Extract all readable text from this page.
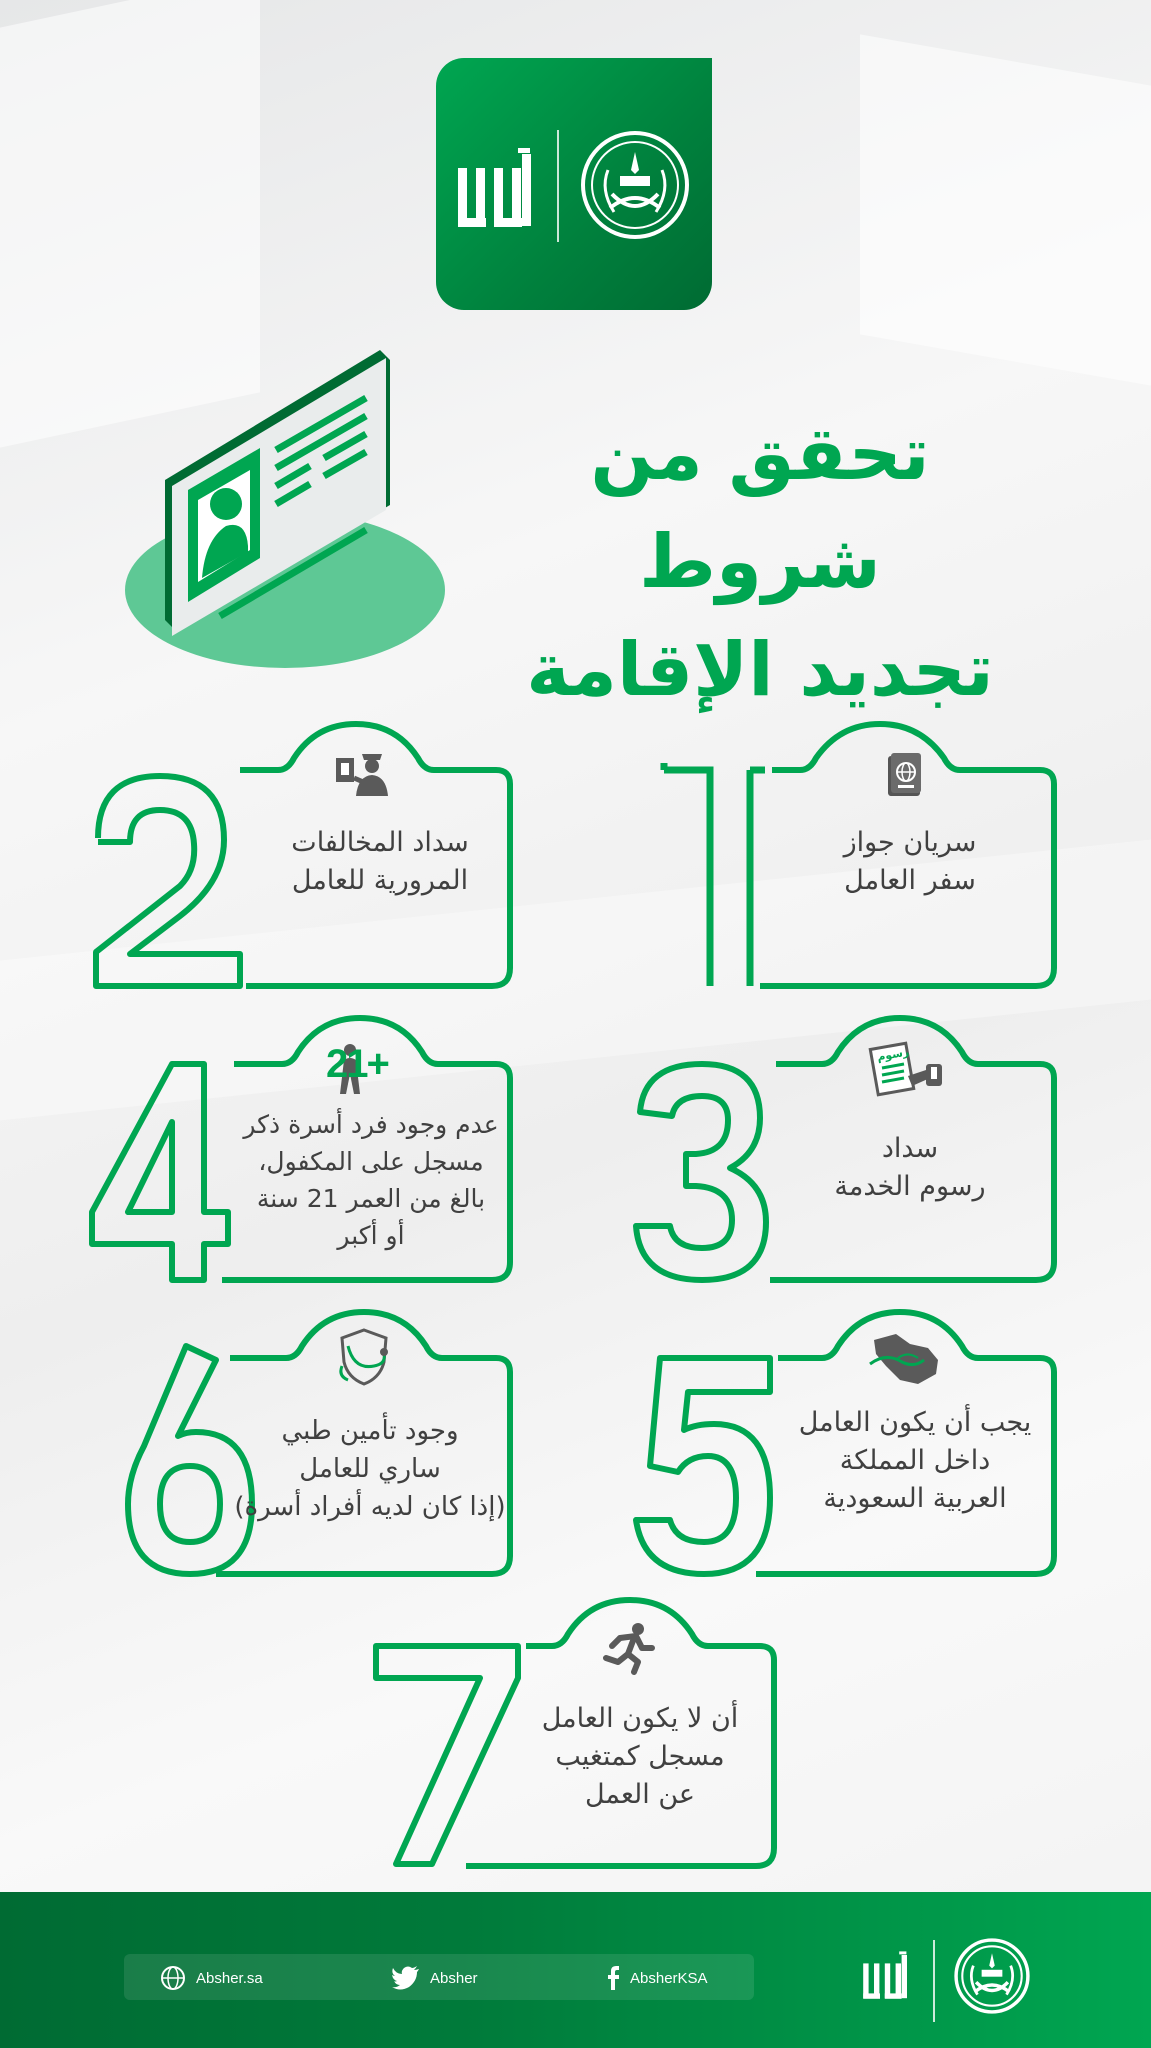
تحقق من شروط
تجديد الإقامة
سريان جواز
سفر العامل
سداد المخالفات
المرورية للعامل
رسوم
سداد
رسوم الخدمة
21+
عدم وجود فرد أسرة ذكر
مسجل على المكفول،
بالغ من العمر 21 سنة
أو أكبر
يجب أن يكون العامل
داخل المملكة
العربية السعودية
وجود تأمين طبي
ساري للعامل
(إذا كان لديه أفراد أسرة)
أن لا يكون العامل
مسجل كمتغيب
عن العمل
Absher.sa	Absher	AbsherKSA
